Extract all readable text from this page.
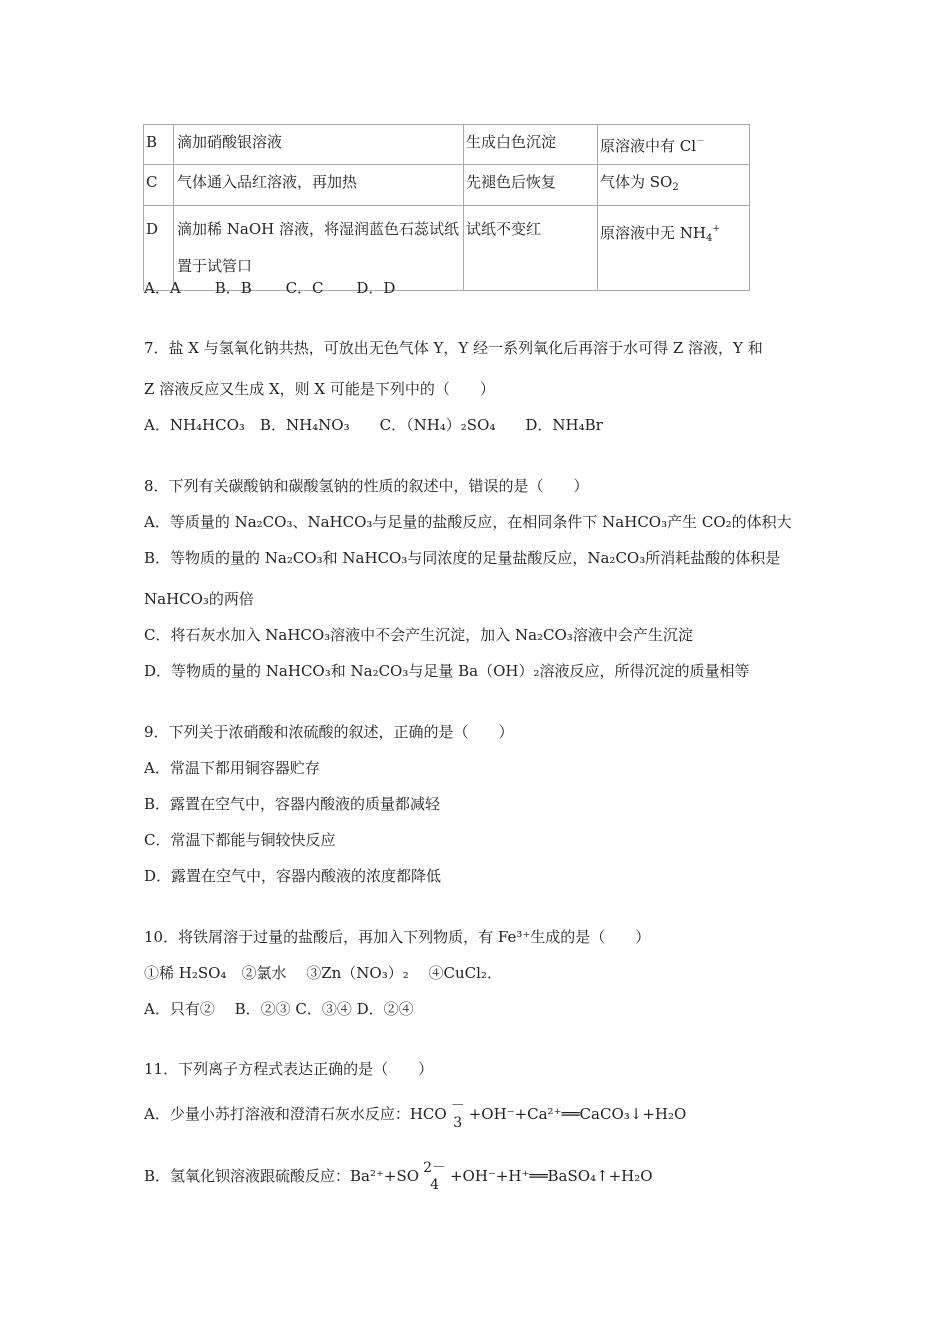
B	滴加硝酸银溶液	生成白色沉淀	原溶液中有 Cl－
C	气体通入品红溶液，再加热	先褪色后恢复	气体为 $SO_2$
D	滴加稀 NaOH 溶液，将湿润蓝色石蕊试纸置于试管口	试纸不变红	原溶液中无 $NH_4^+$
A．A B．B C．C D．D
7．盐 X 与氢氧化钠共热，可放出无色气体 Y，Y 经一系列氧化后再溶于水可得 Z 溶液，Y 和
Z 溶液反应又生成 X，则 X 可能是下列中的（　　）
A．NH₄HCO₃　B．NH₄NO₃　　C．（NH₄）₂SO₄　　D．NH₄Br
8．下列有关碳酸钠和碳酸氢钠的性质的叙述中，错误的是（　　）
A．等质量的 Na₂CO₃、NaHCO₃与足量的盐酸反应，在相同条件下 NaHCO₃产生 CO₂的体积大
B．等物质的量的 Na₂CO₃和 NaHCO₃与同浓度的足量盐酸反应，Na₂CO₃所消耗盐酸的体积是
NaHCO₃的两倍
C．将石灰水加入 NaHCO₃溶液中不会产生沉淀，加入 Na₂CO₃溶液中会产生沉淀
D．等物质的量的 NaHCO₃和 Na₂CO₃与足量 Ba（OH）₂溶液反应，所得沉淀的质量相等
9．下列关于浓硝酸和浓硫酸的叙述，正确的是（　　）
A．常温下都用铜容器贮存
B．露置在空气中，容器内酸液的质量都减轻
C．常温下都能与铜较快反应
D．露置在空气中，容器内酸液的浓度都降低
10．将铁屑溶于过量的盐酸后，再加入下列物质，有 Fe³⁺生成的是（　　）
①稀 H₂SO₄　②氯水　 ③Zn（NO₃）₂　 ④CuCl₂．
A．只有②　 B．②③ C．③④ D．②④
11．下列离子方程式表达正确的是（　　）
A．少量小苏打溶液和澄清石灰水反应：HCO －
3 +OH⁻+Ca²⁺══CaCO₃↓+H₂O
B．氢氧化钡溶液跟硫酸反应：Ba²⁺+SO 2－
4 +OH⁻+H⁺══BaSO₄↑+H₂O
